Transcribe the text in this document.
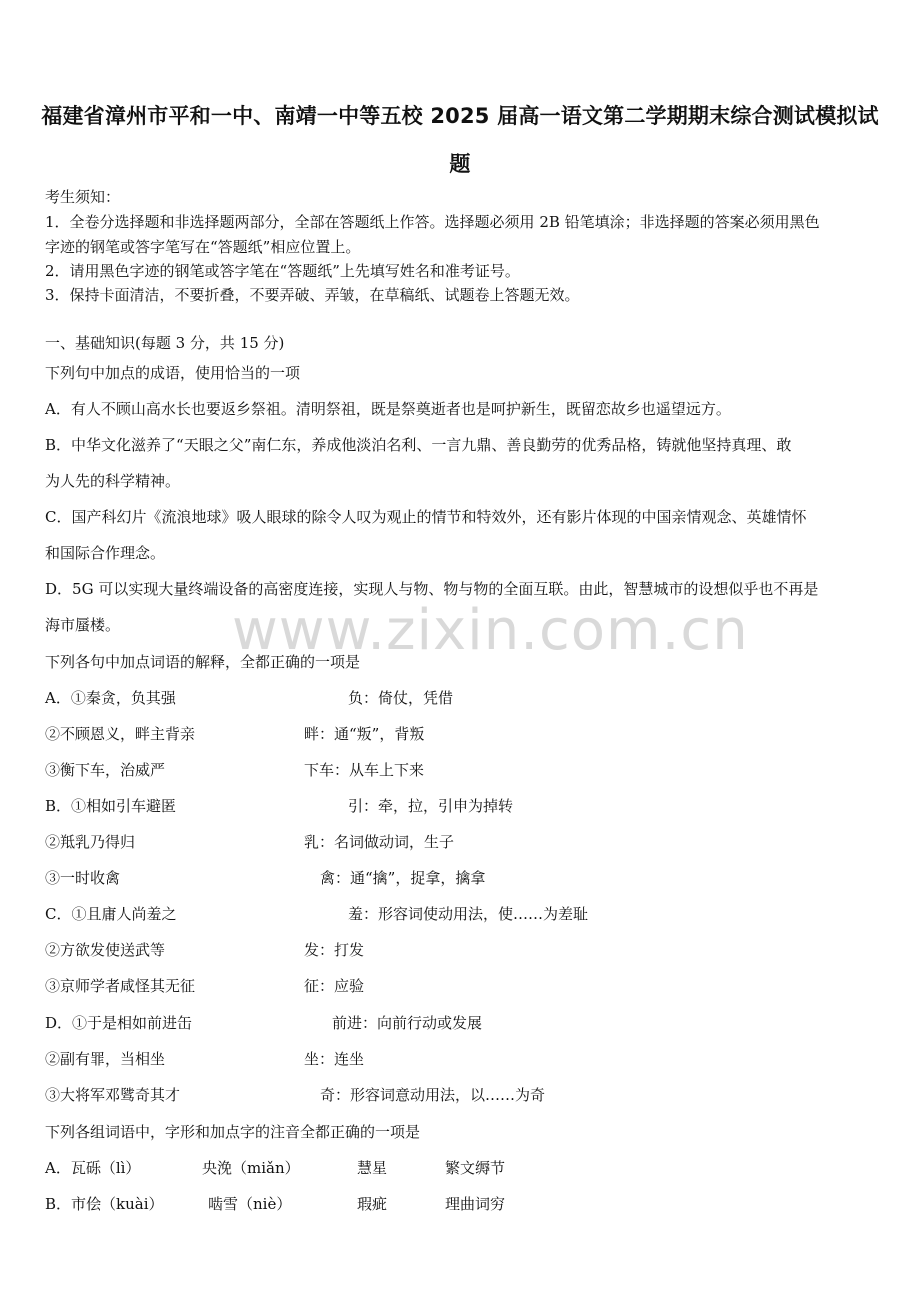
福建省漳州市平和一中、南靖一中等五校 2025 届高一语文第二学期期末综合测试模拟试题
www.zixin.com.cn
考生须知：
1．全卷分选择题和非选择题两部分，全部在答题纸上作答。选择题必须用 2B 铅笔填涂；非选择题的答案必须用黑色
字迹的钢笔或答字笔写在“答题纸”相应位置上。
2．请用黑色字迹的钢笔或答字笔在“答题纸”上先填写姓名和准考证号。
3．保持卡面清洁，不要折叠，不要弄破、弄皱，在草稿纸、试题卷上答题无效。
一、基础知识(每题 3 分，共 15 分)
下列句中加点的成语，使用恰当的一项
A．有人不顾山高水长也要返乡祭祖。清明祭祖，既是祭奠逝者也是呵护新生，既留恋故乡也遥望远方。
B．中华文化滋养了“天眼之父”南仁东，养成他淡泊名利、一言九鼎、善良勤劳的优秀品格，铸就他坚持真理、敢
为人先的科学精神。
C．国产科幻片《流浪地球》吸人眼球的除令人叹为观止的情节和特效外，还有影片体现的中国亲情观念、英雄情怀
和国际合作理念。
D．5G 可以实现大量终端设备的高密度连接，实现人与物、物与物的全面互联。由此，智慧城市的设想似乎也不再是
海市蜃楼。
下列各句中加点词语的解释，全都正确的一项是
A．①秦贪，负其强	负：倚仗，凭借
②不顾恩义，畔主背亲	畔：通“叛”，背叛
③衡下车，治威严	下车：从车上下来
B．①相如引车避匿	引：牵，拉，引申为掉转
②羝乳乃得归	乳：名词做动词，生子
③一时收禽	禽：通“擒”，捉拿，擒拿
C．①且庸人尚羞之	羞：形容词使动用法，使……为差耻
②方欲发使送武等	发：打发
③京师学者咸怪其无征	征：应验
D．①于是相如前进缶	前进：向前行动或发展
②副有罪，当相坐	坐：连坐
③大将军邓骘奇其才	奇：形容词意动用法，以……为奇
下列各组词语中，字形和加点字的注音全都正确的一项是
A．瓦砾（lì）	央浼（miǎn）	慧星	繁文缛节
B．市侩（kuài）	啮雪（niè）	瑕疵	理曲词穷
